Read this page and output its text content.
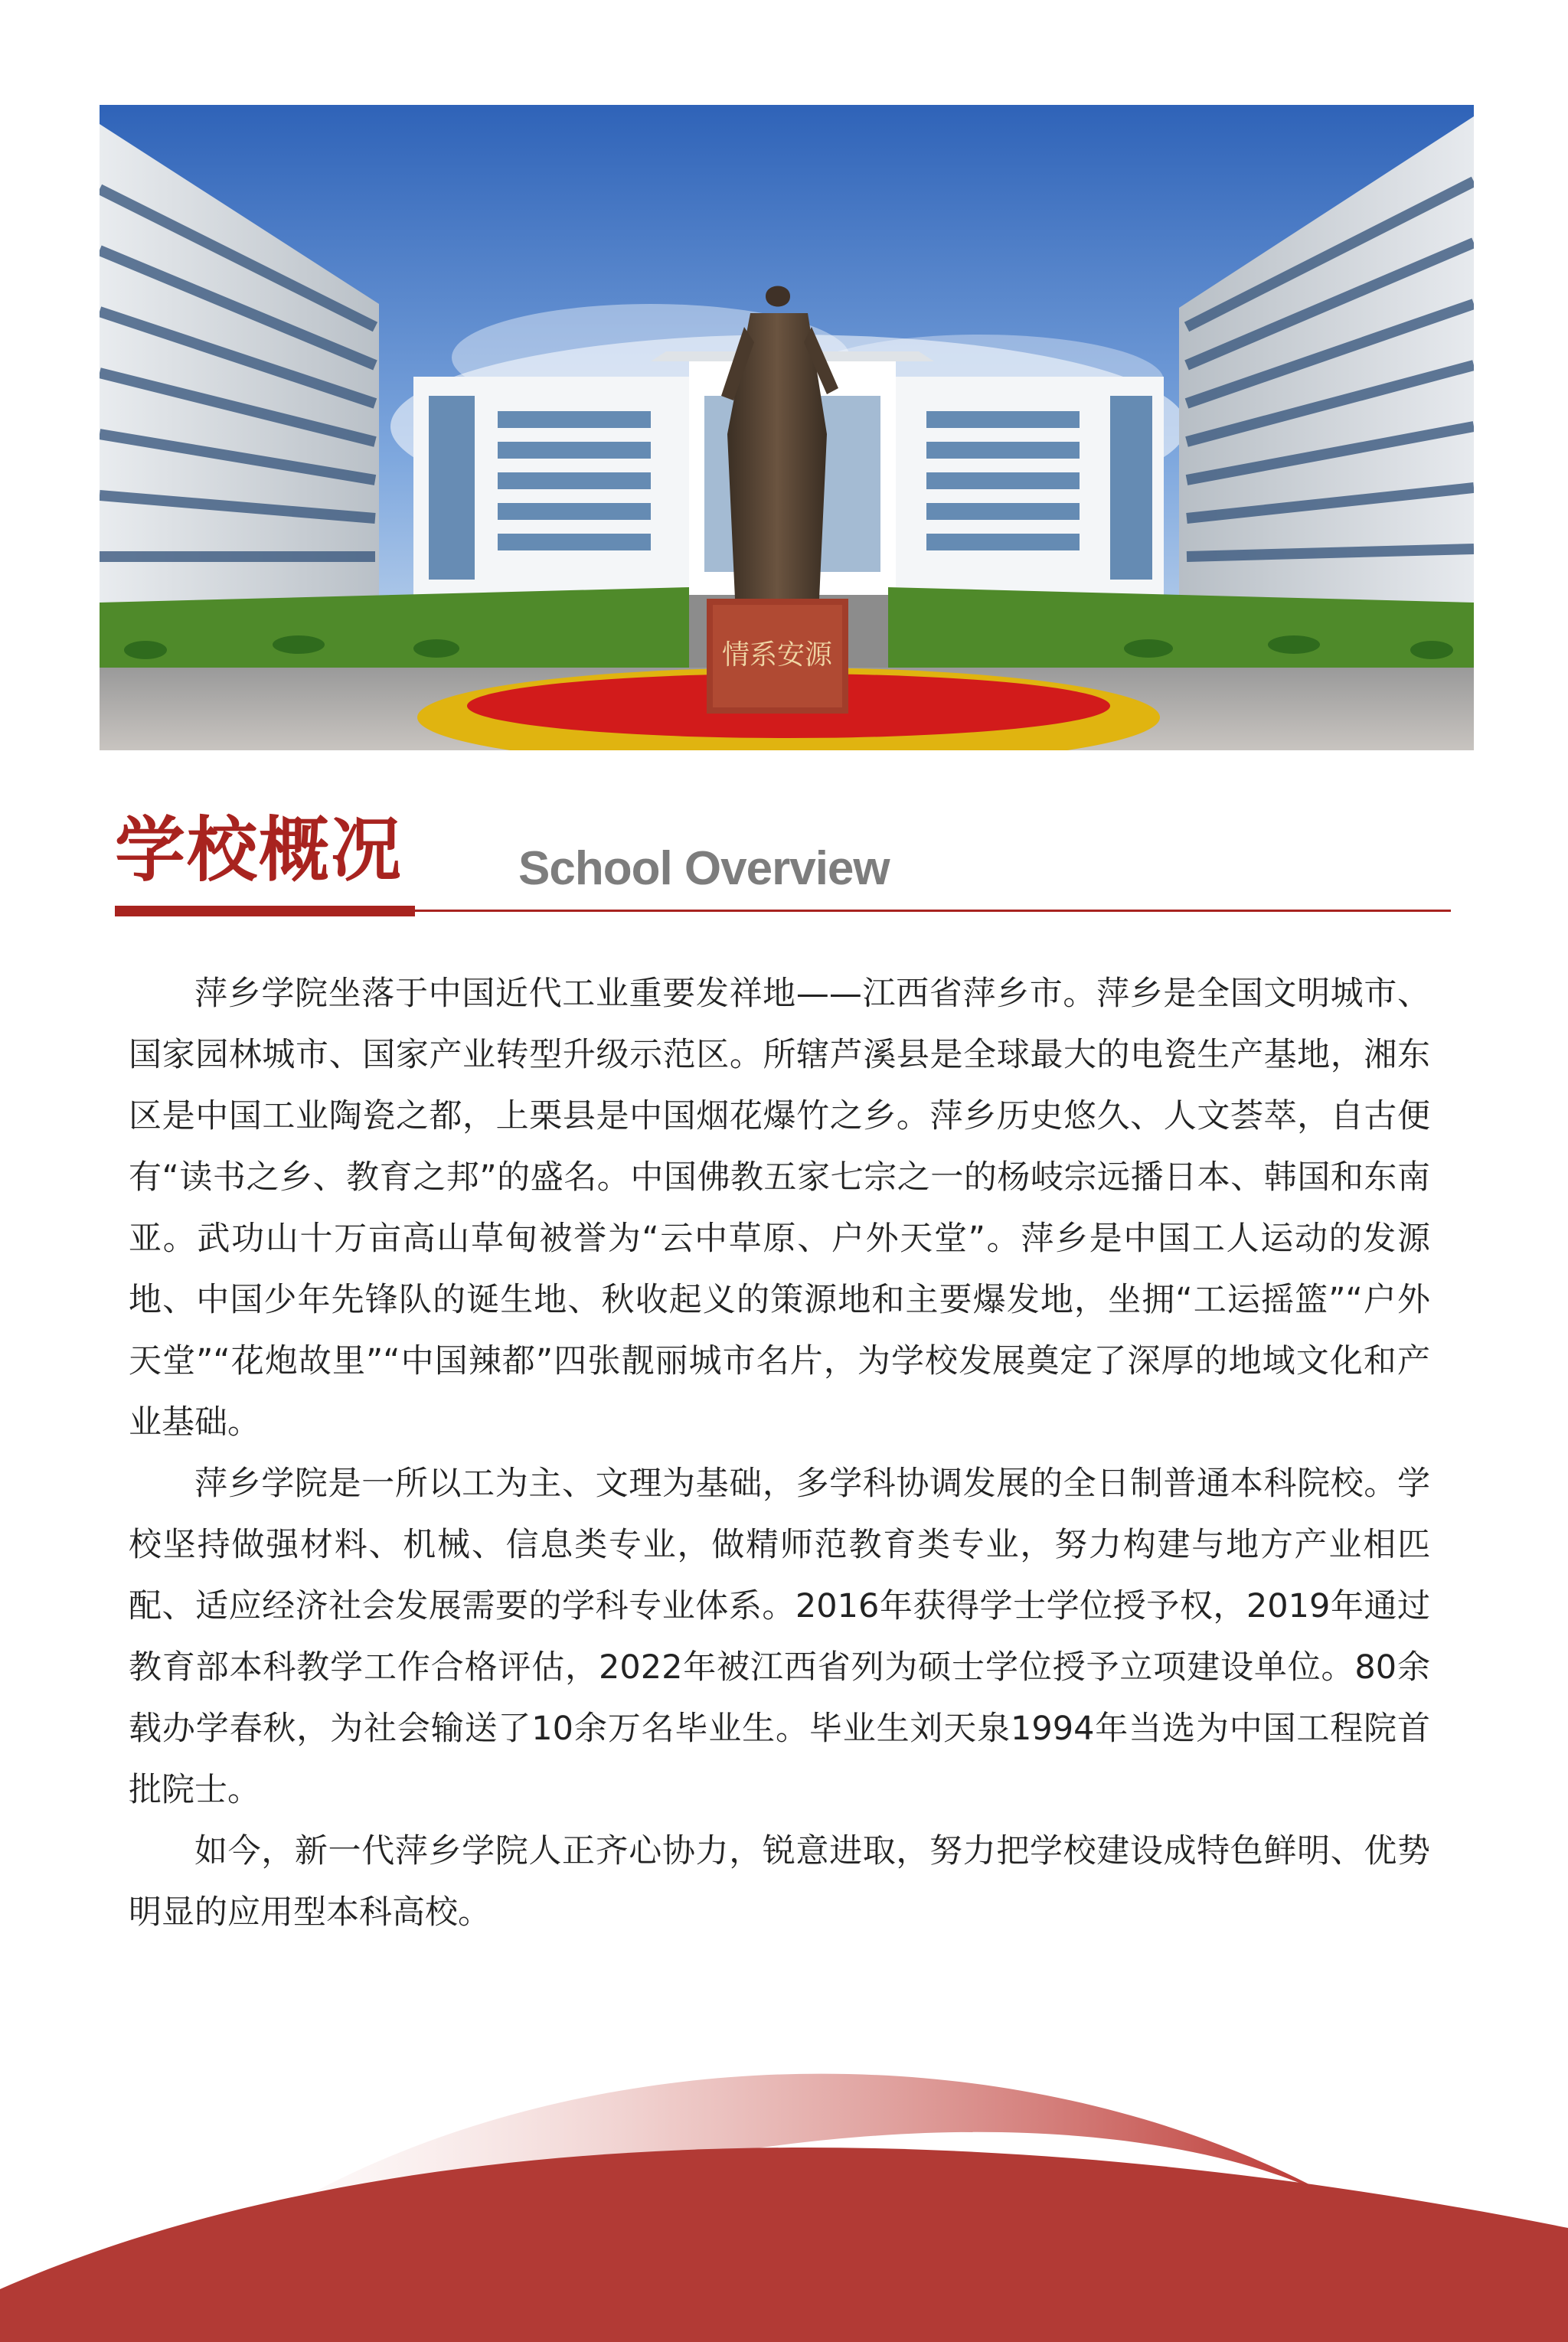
情系安源
学校概况 School Overview

萍乡学院坐落于中国近代工业重要发祥地——江西省萍乡市。萍乡是全国文明城市、国家园林城市、国家产业转型升级示范区。所辖芦溪县是全球最大的电瓷生产基地，湘东区是中国工业陶瓷之都，上栗县是中国烟花爆竹之乡。萍乡历史悠久、人文荟萃，自古便有“读书之乡、教育之邦”的盛名。中国佛教五家七宗之一的杨岐宗远播日本、韩国和东南亚。武功山十万亩高山草甸被誉为“云中草原、户外天堂”。萍乡是中国工人运动的发源地、中国少年先锋队的诞生地、秋收起义的策源地和主要爆发地，坐拥“工运摇篮”“户外天堂”“花炮故里”“中国辣都”四张靓丽城市名片，为学校发展奠定了深厚的地域文化和产业基础。

萍乡学院是一所以工为主、文理为基础，多学科协调发展的全日制普通本科院校。学校坚持做强材料、机械、信息类专业，做精师范教育类专业，努力构建与地方产业相匹配、适应经济社会发展需要的学科专业体系。2016年获得学士学位授予权，2019年通过教育部本科教学工作合格评估，2022年被江西省列为硕士学位授予立项建设单位。80余载办学春秋，为社会输送了10余万名毕业生。毕业生刘天泉1994年当选为中国工程院首批院士。

如今，新一代萍乡学院人正齐心协力，锐意进取，努力把学校建设成特色鲜明、优势明显的应用型本科高校。
